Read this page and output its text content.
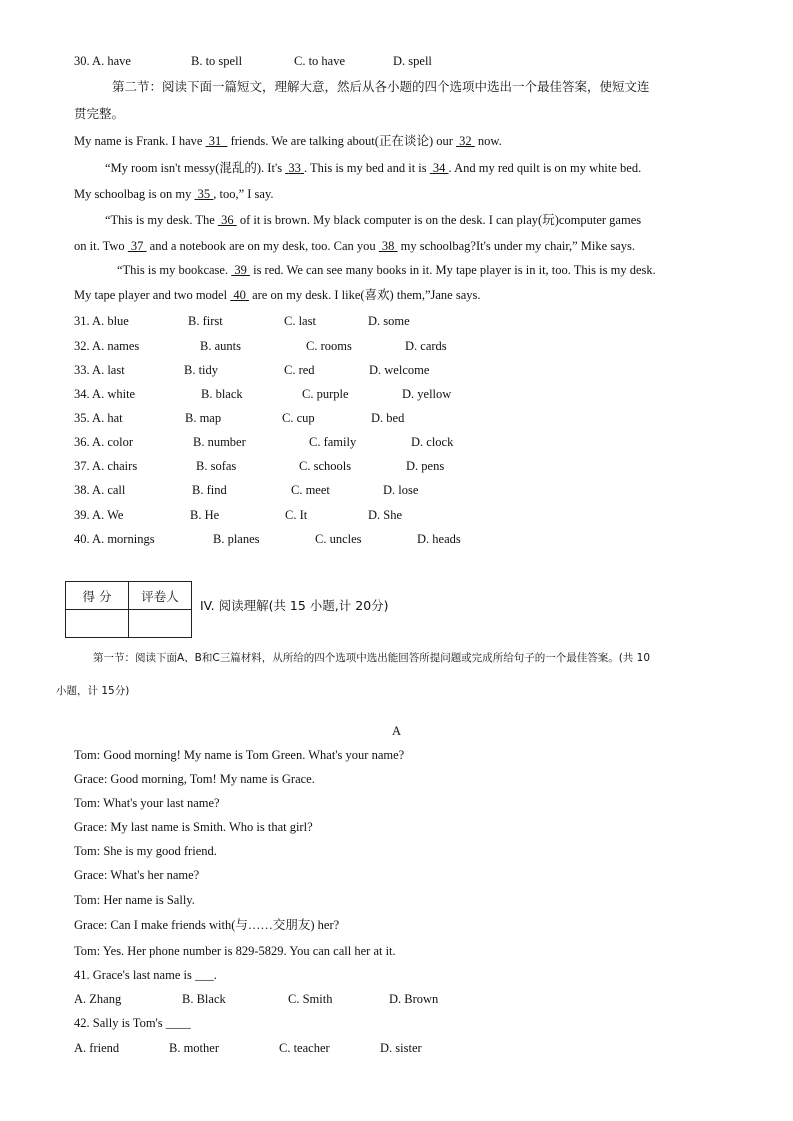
30. A. have	B. to spell	C. to have	D. spell
第二节：阅读下面一篇短文，理解大意，然后从各小题的四个选项中选出一个最佳答案，使短文连
贯完整。
My name is Frank. I have  31   friends. We are talking about(正在谈论) our  32  now.
“My room isn't messy(混乱的). It's  33 . This is my bed and it is  34 . And my red quilt is on my white bed.
My schoolbag is on my  35 , too,” I say.
“This is my desk. The  36  of it is brown. My black computer is on the desk. I can play(玩)computer games
on it. Two  37  and a notebook are on my desk, too. Can you  38  my schoolbag?It's under my chair,” Mike says.
“This is my bookcase.  39  is red. We can see many books in it. My tape player is in it, too. This is my desk.
My tape player and two model  40  are on my desk. I like(喜欢) them,”Jane says.
31. A. blue	B. first	C. last	D. some
32. A. names	B. aunts	C. rooms	D. cards
33. A. last	B. tidy	C. red	D. welcome
34. A. white	B. black	C. purple	D. yellow
35. A. hat	B. map	C. cup	D. bed
36. A. color	B. number	C. family	D. clock
37. A. chairs	B. sofas	C. schools	D. pens
38. A. call	B. find	C. meet	D. lose
39. A. We	B. He	C. It	D. She
40. A. mornings	B. planes	C. uncles	D. heads
得 分	评卷人

IV. 阅读理解(共 15 小题,计 20分)
第一节：阅读下面A、B和C三篇材料，从所给的四个选项中选出能回答所提问题或完成所给句子的一个最佳答案。(共 10
小题，计 15分)
A
Tom: Good morning! My name is Tom Green. What's your name?
Grace: Good morning, Tom! My name is Grace.
Tom: What's your last name?
Grace: My last name is Smith. Who is that girl?
Tom: She is my good friend.
Grace: What's her name?
Tom: Her name is Sally.
Grace: Can I make friends with(与……交朋友) her?
Tom: Yes. Her phone number is 829-5829. You can call her at it.
41. Grace's last name is ___.
A. Zhang	B. Black	C. Smith	D. Brown
42. Sally is Tom's ____
A. friend	B. mother	C. teacher	D. sister
